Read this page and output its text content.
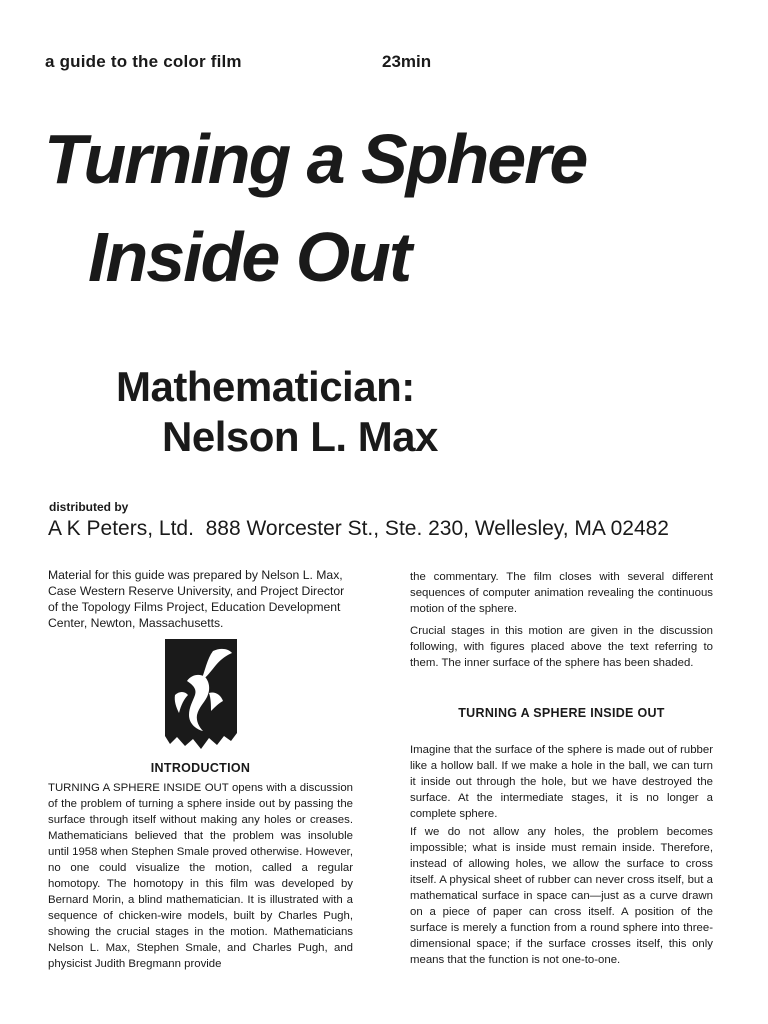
a guide to the color film	23min
Turning a Sphere
Inside Out
Mathematician:
Nelson L. Max
distributed by
A K Peters, Ltd.  888 Worcester St., Ste. 230, Wellesley, MA 02482
Material for this guide was prepared by Nelson L. Max, Case Western Reserve University, and Project Director of the Topology Films Project, Education Development Center, Newton, Massachusetts.
INTRODUCTION
TURNING A SPHERE INSIDE OUT opens with a discussion of the problem of turning a sphere inside out by passing the surface through itself without making any holes or creases. Mathematicians believed that the problem was insoluble until 1958 when Stephen Smale proved otherwise. However, no one could visualize the motion, called a regular homotopy. The homotopy in this film was developed by Bernard Morin, a blind mathematician. It is illustrated with a sequence of chicken-wire models, built by Charles Pugh, showing the crucial stages in the motion. Mathematicians Nelson L. Max, Stephen Smale, and Charles Pugh, and physicist Judith Bregmann provide

the commentary. The film closes with several different sequences of computer animation revealing the continuous motion of the sphere.

Crucial stages in this motion are given in the discussion following, with figures placed above the text referring to them. The inner surface of the sphere has been shaded.

TURNING A SPHERE INSIDE OUT
Imagine that the surface of the sphere is made out of rubber like a hollow ball. If we make a hole in the ball, we can turn it inside out through the hole, but we have destroyed the surface. At the intermediate stages, it is no longer a complete sphere.
If we do not allow any holes, the problem becomes impossible; what is inside must remain inside. Therefore, instead of allowing holes, we allow the surface to cross itself. A physical sheet of rubber can never cross itself, but a mathematical surface in space can—just as a curve drawn on a piece of paper can cross itself. A position of the surface is merely a function from a round sphere into three-dimensional space; if the surface crosses itself, this only means that the function is not one-to-one.
